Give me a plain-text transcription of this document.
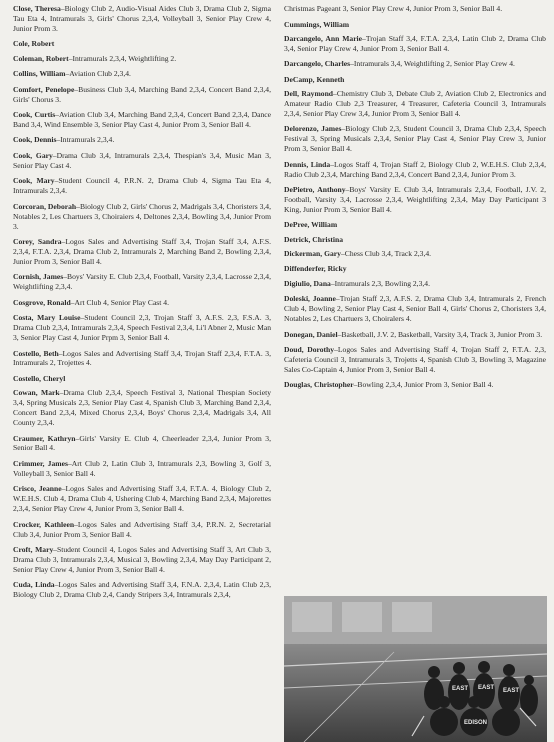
Close, Theresa–Biology Club 2, Audio-Visual Aides Club 3, Drama Club 2, Sigma Tau Eta 4, Intramurals 3, Girls' Chorus 2,3,4, Volleyball 3, Senior Play Crew 4, Junior Prom 3.
Cole, Robert
Coleman, Robert–Intramurals 2,3,4, Weightlifting 2.
Collins, William–Aviation Club 2,3,4.
Comfort, Penelope–Business Club 3,4, Marching Band 2,3,4, Concert Band 2,3,4, Girls' Chorus 3.
Cook, Curtis–Aviation Club 3,4, Marching Band 2,3,4, Concert Band 2,3,4, Dance Band 3,4, Wind Ensemble 3, Senior Play Cast 4, Junior Prom 3, Senior Ball 4.
Cook, Dennis–Intramurals 2,3,4.
Cook, Gary–Drama Club 3,4, Intramurals 2,3,4, Thespian's 3,4, Music Man 3, Senior Play Cast 4.
Cook, Mary–Student Council 4, P.R.N. 2, Drama Club 4, Sigma Tau Eta 4, Intramurals 2,3,4.
Corcoran, Deborah–Biology Club 2, Girls' Chorus 2, Madrigals 3,4, Choristers 3,4, Notables 2, Les Chartuers 3, Choiraiers 4, Deltones 2,3,4, Bowling 3,4, Junior Prom 3.
Corey, Sandra–Logos Sales and Advertising Staff 3,4, Trojan Staff 3,4, A.F.S. 2,3,4, F.T.A. 2,3,4, Drama Club 2, Intramurals 2, Marching Band 2, Bowling 2,3,4, Junior Prom 3, Senior Ball 4.
Cornish, James–Boys' Varsity E. Club 2,3,4, Football, Varsity 2,3,4, Lacrosse 2,3,4, Weightlifting 2,3,4.
Cosgrove, Ronald–Art Club 4, Senior Play Cast 4.
Costa, Mary Louise–Student Council 2,3, Trojan Staff 3, A.F.S. 2,3, F.S.A. 3, Drama Club 2,3,4, Intramurals 2,3,4, Speech Festival 2,3,4, Li'l Abner 2, Music Man 3, Senior Play Cast 4, Junior Prpm 3, Senior Ball 4.
Costello, Beth–Logos Sales and Advertising Staff 3,4, Trojan Staff 2,3,4, F.T.A. 3, Intramurals 2, Trojettes 4.
Costello, Cheryl
Cowan, Mark–Drama Club 2,3,4, Speech Festival 3, National Thespian Society 3,4, Spring Musicals 2,3, Senior Play Cast 4, Spanish Club 3, Marching Band 2,3,4, Concert Band 2,3,4, Mixed Chorus 2,3,4, Boys' Chorus 2,3,4, Madrigals 3,4, All County 2,3,4.
Craumer, Kathryn–Girls' Varsity E. Club 4, Cheerleader 2,3,4, Junior Prom 3, Senior Ball 4.
Crimmer, James–Art Club 2, Latin Club 3, Intramurals 2,3, Bowling 3, Golf 3, Volleyball 3, Senior Ball 4.
Crisco, Jeanne–Logos Sales and Advertising Staff 3,4, F.T.A. 4, Biology Club 2, W.E.H.S. Club 4, Drama Club 4, Ushering Club 4, Marching Band 2,3,4, Majorettes 2,3,4, Senior Play Crew 4, Junior Prom 3, Senior Ball 4.
Crocker, Kathleen–Logos Sales and Advertising Staff 3,4, P.R.N. 2, Secretarial Club 3,4, Junior Prom 3, Senior Ball 4.
Croft, Mary–Student Council 4, Logos Sales and Advertising Staff 3, Art Club 3, Drama Club 3, Intramurals 2,3,4, Musical 3, Bowling 2,3,4, May Day Participant 2, Senior Play Crew 4, Junior Prom 3, Senior Ball 4.
Cuda, Linda–Logos Sales and Advertising Staff 3,4, F.N.A. 2,3,4, Latin Club 2,3, Biology Club 2, Drama Club 2,4, Candy Stripers 3,4, Intramurals 2,3,4,
Christmas Pageant 3, Senior Play Crew 4, Junior Prom 3, Senior Ball 4.
Cummings, William
Darcangelo, Ann Marie–Trojan Staff 3,4, F.T.A. 2,3,4, Latin Club 2, Drama Club 3,4, Senior Play Crew 4, Junior Prom 3, Senior Ball 4.
Darcangelo, Charles–Intramurals 3,4, Weightlifting 2, Senior Play Crew 4.
DeCamp, Kenneth
Dell, Raymond–Chemistry Club 3, Debate Club 2, Aviation Club 2, Electronics and Amateur Radio Club 2,3 Treasurer, 4 Treasurer, Cafeteria Council 3, Intramurals 2,3,4, Senior Play Crew 3,4, Junior Prom 3, Senior Ball 4.
Delorenzo, James–Biology Club 2,3, Student Council 3, Drama Club 2,3,4, Speech Festival 3, Spring Musicals 2,3,4, Senior Play Cast 4, Senior Play Crew 3, Junior Prom 3, Senior Ball 4.
Dennis, Linda–Logos Staff 4, Trojan Staff 2, Biology Club 2, W.E.H.S. Club 2,3,4, Radio Club 2,3,4, Marching Band 2,3,4, Concert Band 2,3,4, Junior Prom 3.
DePietro, Anthony–Boys' Varsity E. Club 3,4, Intramurals 2,3,4, Football, J.V. 2, Football, Varsity 3,4, Lacrosse 2,3,4, Weightlifting 2,3,4, May Day Participant 3 King, Junior Prom 3, Senior Ball 4.
DePree, William
Detrick, Christina
Dickerman, Gary–Chess Club 3,4, Track 2,3,4.
Diffenderfer, Ricky
Digiulio, Dana–Intramurals 2,3, Bowling 2,3,4.
Doleski, Joanne–Trojan Staff 2,3, A.F.S. 2, Drama Club 3,4, Intramurals 2, French Club 4, Bowling 2, Senior Play Cast 4, Senior Ball 4, Girls' Chorus 2, Choristers 3,4, Notables 2, Les Chartuers 3, Choiralers 4.
Donegan, Daniel–Basketball, J.V. 2, Basketball, Varsity 3,4, Track 3, Junior Prom 3.
Doud, Dorothy–Logos Sales and Advertising Staff 4, Trojan Staff 2, F.T.A. 2,3, Cafeteria Council 3, Intramurals 3, Trojetts 4, Spanish Club 3, Bowling 3, Magazine Sales Co-Captain 4, Junior Prom 3, Senior Ball 4.
Douglas, Christopher–Bowling 2,3,4, Junior Prom 3, Senior Ball 4.
EAST EAST EAST
EDISON
